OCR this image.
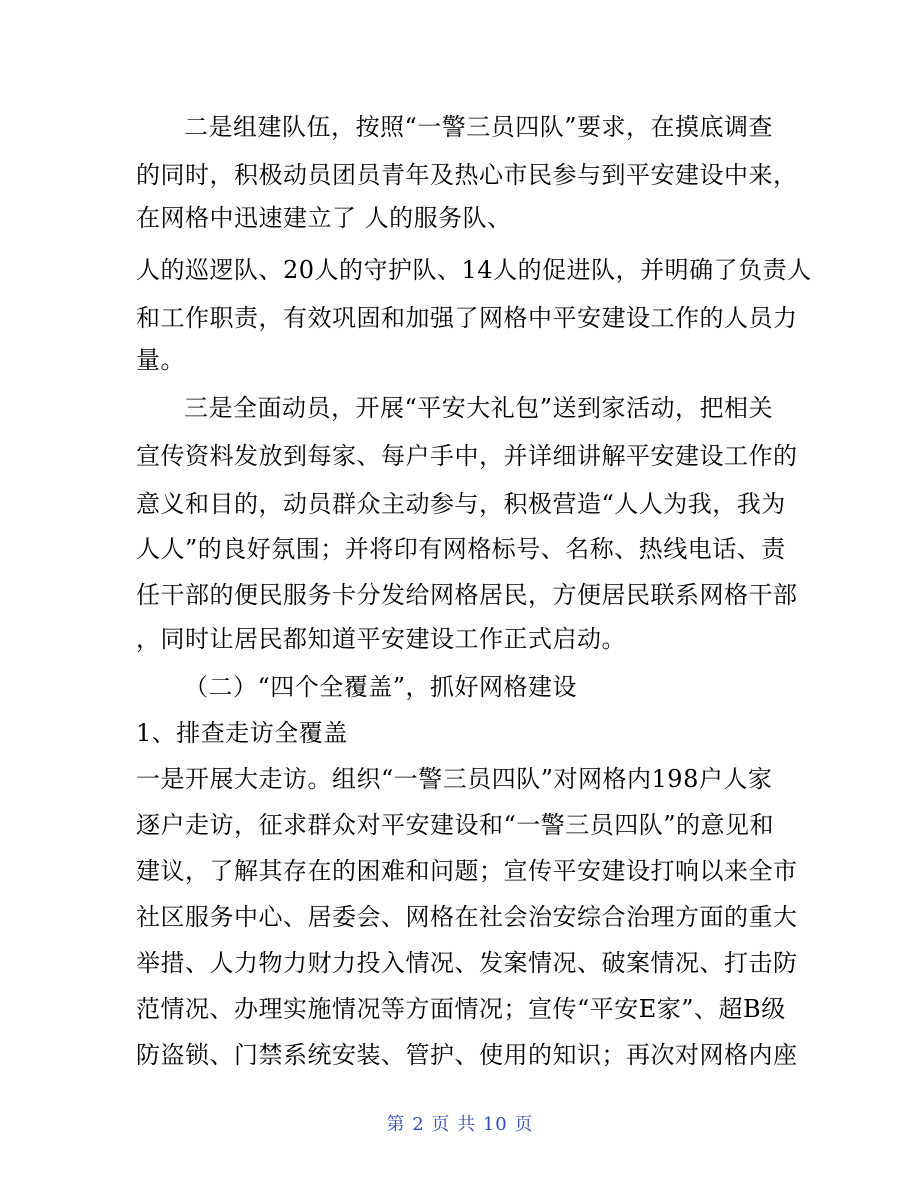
二是组建队伍，按照“一警三员四队”要求，在摸底调查
的同时，积极动员团员青年及热心市民参与到平安建设中来，
在网格中迅速建立了 人的服务队、
人的巡逻队、20人的守护队、14人的促进队，并明确了负责人
和工作职责，有效巩固和加强了网格中平安建设工作的人员力
量。
三是全面动员，开展“平安大礼包”送到家活动，把相关
宣传资料发放到每家、每户手中，并详细讲解平安建设工作的
意义和目的，动员群众主动参与，积极营造“人人为我，我为
人人”的良好氛围；并将印有网格标号、名称、热线电话、责
任干部的便民服务卡分发给网格居民，方便居民联系网格干部
，同时让居民都知道平安建设工作正式启动。
（二）“四个全覆盖”，抓好网格建设
1、排查走访全覆盖
一是开展大走访。组织“一警三员四队”对网格内198户人家
逐户走访，征求群众对平安建设和“一警三员四队”的意见和
建议，了解其存在的困难和问题；宣传平安建设打响以来全市
社区服务中心、居委会、网格在社会治安综合治理方面的重大
举措、人力物力财力投入情况、发案情况、破案情况、打击防
范情况、办理实施情况等方面情况；宣传“平安E家”、超B级
防盗锁、门禁系统安装、管护、使用的知识；再次对网格内座
第 2 页 共 10 页
